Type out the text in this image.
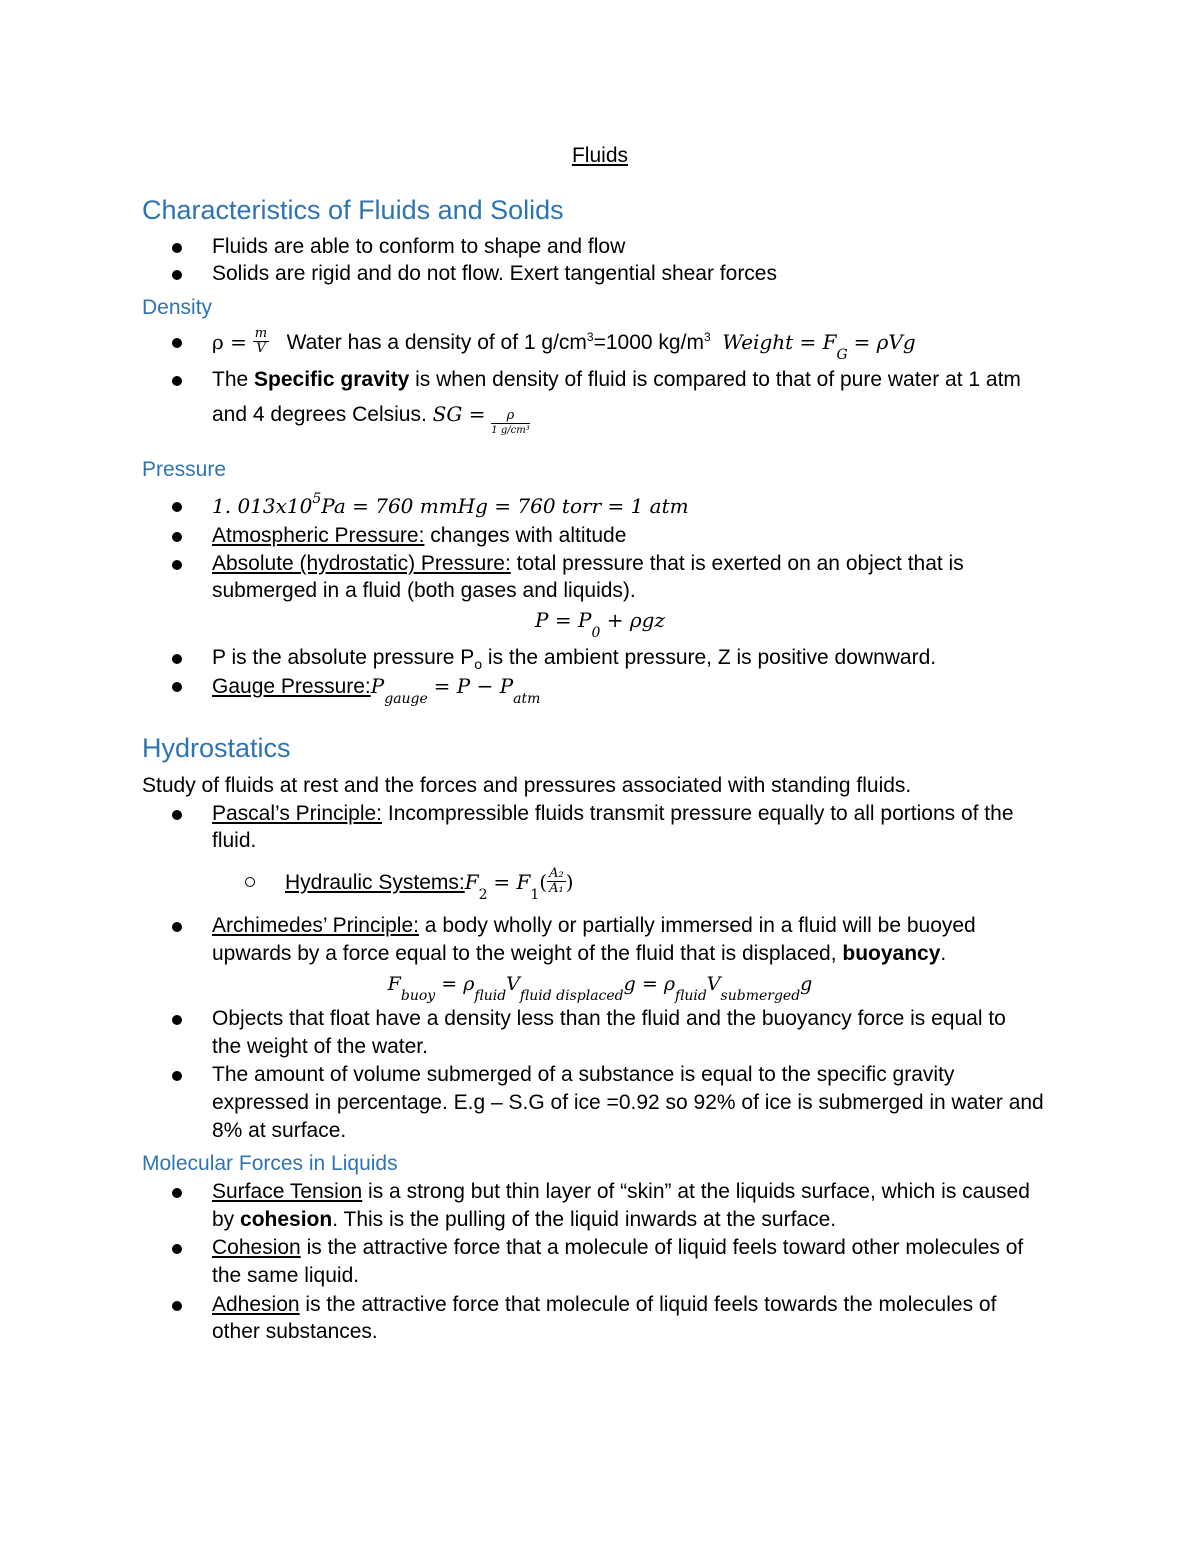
Fluids
Characteristics of Fluids and Solids
Fluids are able to conform to shape and flow
Solids are rigid and do not flow. Exert tangential shear forces
Density
$\rho = \frac{m}{V}$ Water has a density of of 1 $g/cm^3=1000$ $kg/m^3$ Weight = $F_G = \rho Vg$
The Specific gravity is when density of fluid is compared to that of pure water at 1 atm
and 4 degrees Celsius. SG = $\frac{\rho}{\text{1 g/cm³}}$
Pressure
1. $013x10^5Pa = 760$ mmHg = 760 torr = 1 atm
Atmospheric Pressure: changes with altitude
Absolute (hydrostatic) Pressure: total pressure that is exerted on an object that is
submerged in a fluid (both gases and liquids).
$P = P_0 + \rho gz$
P is the absolute pressure $P_o$ is the ambient pressure, Z is positive downward.
Gauge $Pressure:P_{gauge} = P - P_{atm}$
Hydrostatics
Study of fluids at rest and the forces and pressures associated with standing fluids.
Pascal’s Principle: Incompressible fluids transmit pressure equally to all portions of the
fluid.
Hydraulic $Systems:F_2 = F_1( \frac{\text{A₂}}{\text{A₁}}$ )
Archimedes’ Principle: a body wholly or partially immersed in a fluid will be buoyed
upwards by a force equal to the weight of the fluid that is displaced, buoyancy.
$F_{buoy} = \rho_{fluid}V_{fluid displaced}g = \rho_{fluid}V_{submerged}g$
Objects that float have a density less than the fluid and the buoyancy force is equal to
the weight of the water.
The amount of volume submerged of a substance is equal to the specific gravity
expressed in percentage. E.g – S.G of ice =0.92 so 92% of ice is submerged in water and
8% at surface.
Molecular Forces in Liquids
Surface Tension is a strong but thin layer of “skin” at the liquids surface, which is caused
by cohesion. This is the pulling of the liquid inwards at the surface.
Cohesion is the attractive force that a molecule of liquid feels toward other molecules of
the same liquid.
Adhesion is the attractive force that molecule of liquid feels towards the molecules of
other substances.
